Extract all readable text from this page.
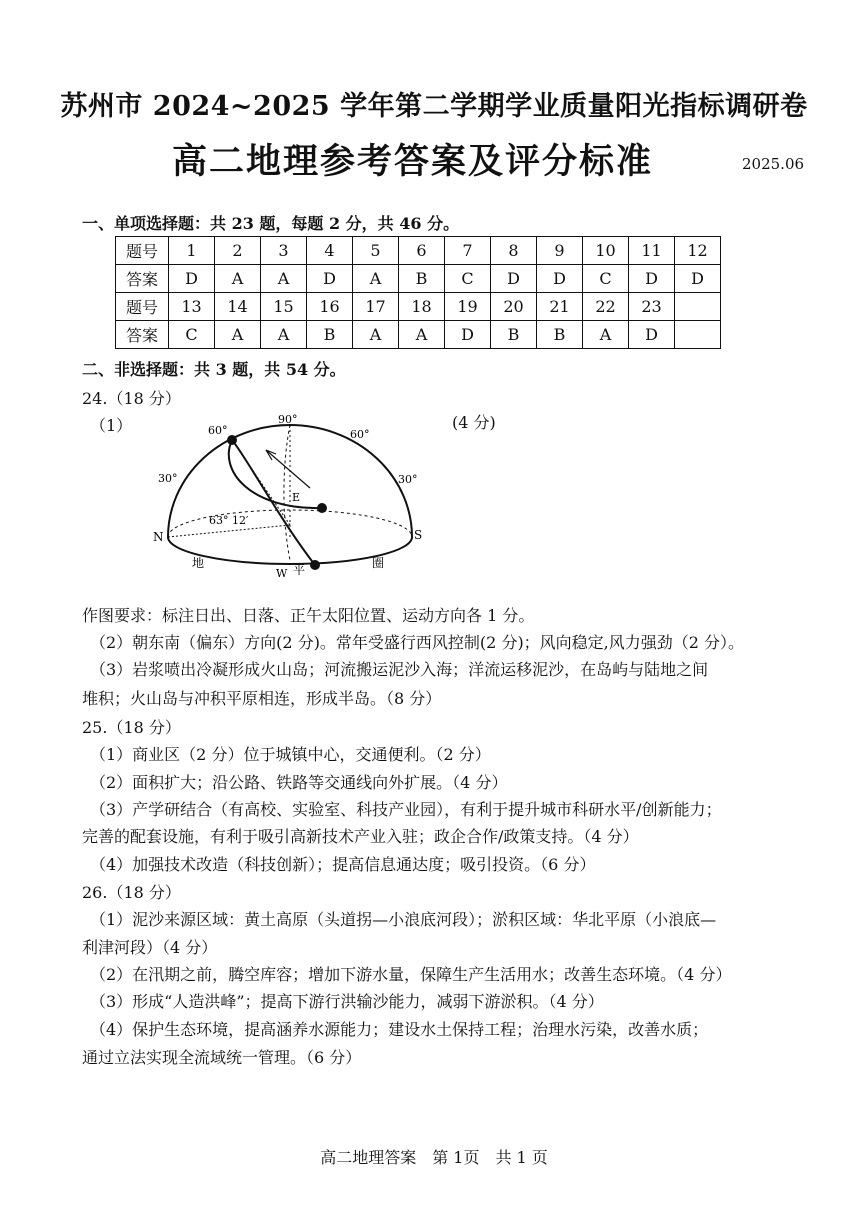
苏州市 2024~2025 学年第二学期学业质量阳光指标调研卷
高二地理参考答案及评分标准	2025.06
一、单项选择题：共 23 题，每题 2 分，共 46 分。
题号	1	2	3	4	5	6	7	8	9	10	11	12
答案	D	A	A	D	A	B	C	D	D	C	D	D
题号	13	14	15	16	17	18	19	20	21	22	23	
答案	C	A	A	B	A	A	D	B	B	A	D	
二、非选择题：共 3 题，共 54 分。
24.（18 分）
（1）	(4 分)
90°
60°	60°
30°	30°
63° 12′
E
N	S
W
地	平	圈
作图要求：标注日出、日落、正午太阳位置、运动方向各 1 分。
（2）朝东南（偏东）方向(2 分)。常年受盛行西风控制(2 分)；风向稳定,风力强劲（2 分）。
（3）岩浆喷出冷凝形成火山岛；河流搬运泥沙入海；洋流运移泥沙，在岛屿与陆地之间
堆积；火山岛与冲积平原相连，形成半岛。（8 分）
25.（18 分）
（1）商业区（2 分）位于城镇中心，交通便利。（2 分）
（2）面积扩大；沿公路、铁路等交通线向外扩展。（4 分）
（3）产学研结合（有高校、实验室、科技产业园），有利于提升城市科研水平/创新能力；
完善的配套设施，有利于吸引高新技术产业入驻；政企合作/政策支持。（4 分）
（4）加强技术改造（科技创新）；提高信息通达度；吸引投资。（6 分）
26.（18 分）
（1）泥沙来源区域：黄土高原（头道拐—小浪底河段）；淤积区域：华北平原（小浪底—
利津河段）（4 分）
（2）在汛期之前，腾空库容；增加下游水量，保障生产生活用水；改善生态环境。（4 分）
（3）形成“人造洪峰”；提高下游行洪输沙能力，减弱下游淤积。（4 分）
（4）保护生态环境，提高涵养水源能力；建设水土保持工程；治理水污染，改善水质；
通过立法实现全流域统一管理。（6 分）
高二地理答案　第 1页　共 1 页
